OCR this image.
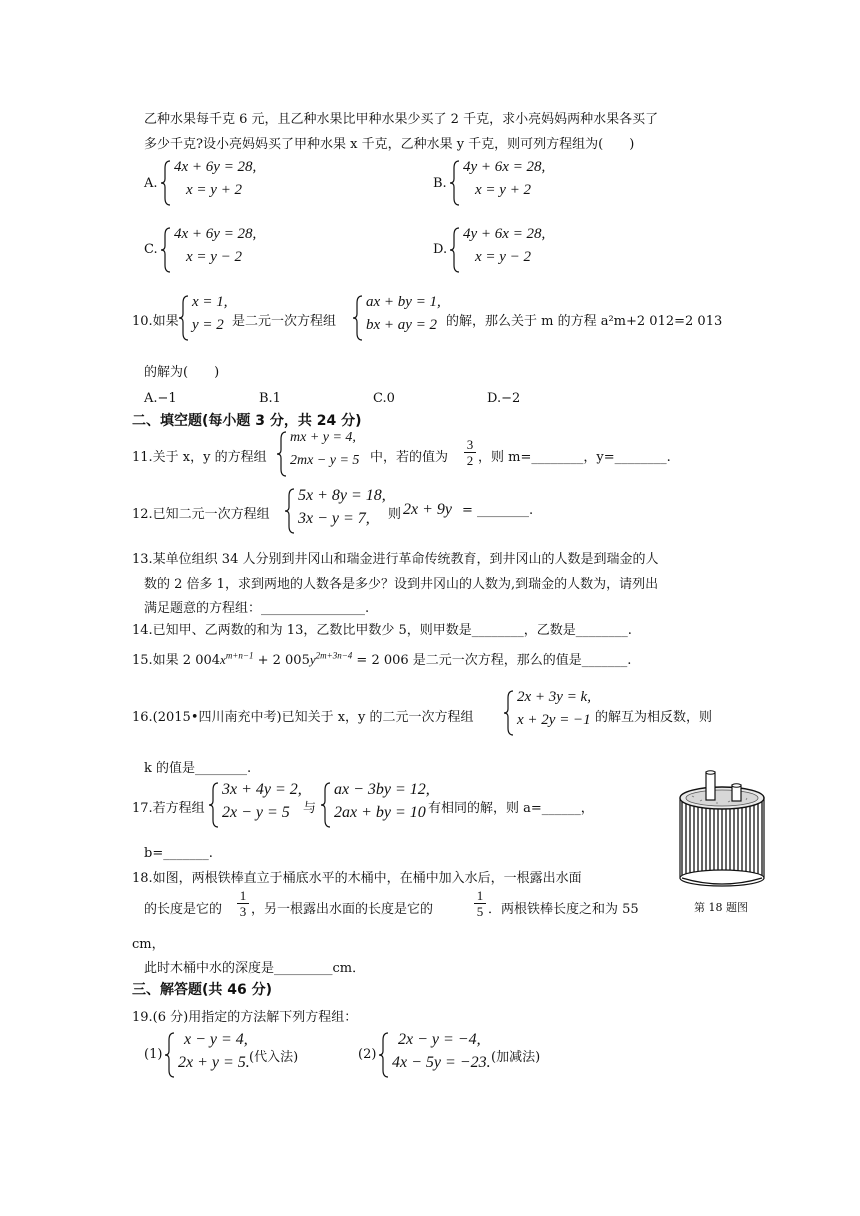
乙种水果每千克 6 元，且乙种水果比甲种水果少买了 2 千克，求小亮妈妈两种水果各买了
多少千克?设小亮妈妈买了甲种水果 x 千克，乙种水果 y 千克，则可列方程组为(　　)
A.
4x + 6y = 28,
x = y + 2	B.
4y + 6x = 28,
x = y + 2
C.
4x + 6y = 28,
x = y − 2	D.
4y + 6x = 28,
x = y − 2
10.如果
x = 1,
y = 2 是二元一次方程组
ax + by = 1,
bx + ay = 2 的解，那么关于 m 的方程 a²m+2 012=2 013
的解为(　　)
A.−1	B.1	C.0	D.−2
二、填空题(每小题 3 分，共 24 分)
11.关于 x，y 的方程组
mx + y = 4,
2mx − y = 5 中，若的值为 $\frac{3}{2}$ ，则 m=________，y=________.
12.已知二元一次方程组
5x + 8y = 18,
3x − y = 7, 则 2x + 9y = ________.
13.某单位组织 34 人分别到井冈山和瑞金进行革命传统教育，到井冈山的人数是到瑞金的人
数的 2 倍多 1，求到两地的人数各是多少？设到井冈山的人数为,到瑞金的人数为，请列出
满足题意的方程组：________________.
14.已知甲、乙两数的和为 13，乙数比甲数少 5，则甲数是________，乙数是________.
15.如果 2 $004x^{m+n-1} + 2$ $005y^{2m+3n-4} = 2$ 006 是二元一次方程，那么的值是_______.
16.(2015•四川南充中考)已知关于 x，y 的二元一次方程组
2x + 3y = k,
x + 2y = −1 的解互为相反数，则
k 的值是________.
17.若方程组
3x + 4y = 2,
2x − y = 5 与
ax − 3by = 12,
2ax + by = 10 有相同的解，则 a=______，
b=_______.
18.如图，两根铁棒直立于桶底水平的木桶中，在桶中加入水后，一根露出水面
的长度是它的 $\frac{1}{3}$ ，另一根露出水面的长度是它的	$\frac{1}{5}$ ．两根铁棒长度之和为 55
cm，
此时木桶中水的深度是_________cm．
第 18 题图
三、解答题(共 46 分)
19.(6 分)用指定的方法解下列方程组：
(1)
x − y = 4,
2x + y = 5. (代入法)	(2)
2x − y = −4,
4x − 5y = −23. (加减法)
